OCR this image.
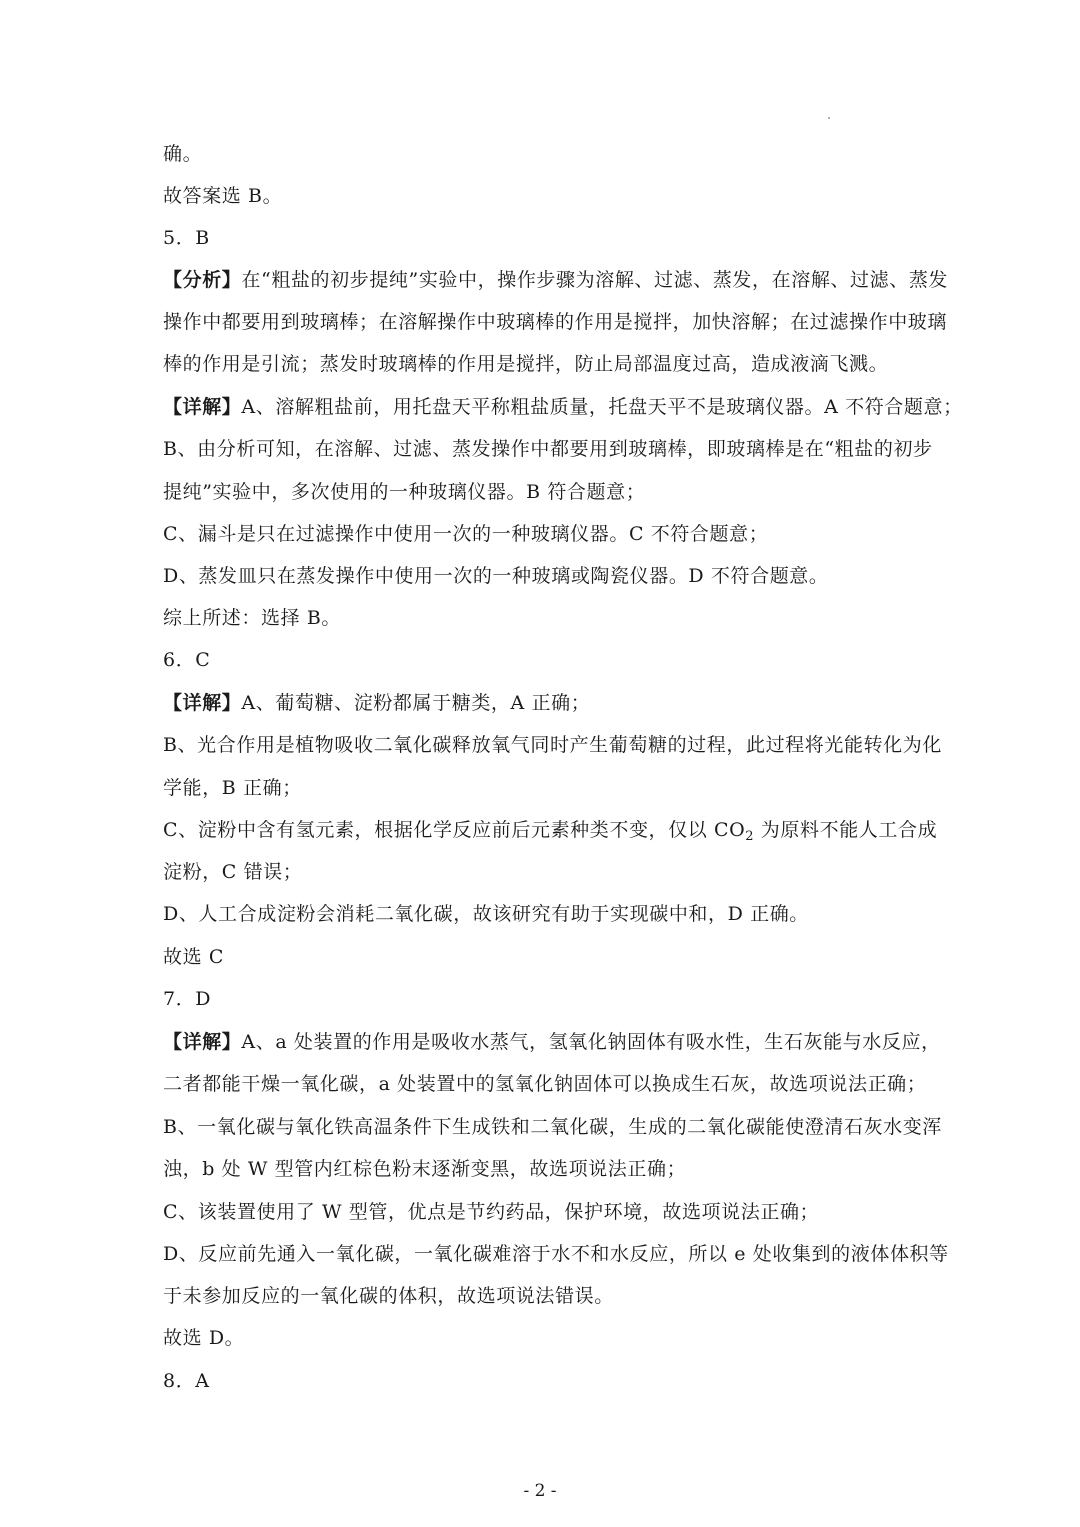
确。
故答案选 B。
5．B
【分析】在“粗盐的初步提纯”实验中，操作步骤为溶解、过滤、蒸发，在溶解、过滤、蒸发
操作中都要用到玻璃棒；在溶解操作中玻璃棒的作用是搅拌，加快溶解；在过滤操作中玻璃
棒的作用是引流；蒸发时玻璃棒的作用是搅拌，防止局部温度过高，造成液滴飞溅。
【详解】A、溶解粗盐前，用托盘天平称粗盐质量，托盘天平不是玻璃仪器。A 不符合题意；
B、由分析可知，在溶解、过滤、蒸发操作中都要用到玻璃棒，即玻璃棒是在“粗盐的初步
提纯”实验中，多次使用的一种玻璃仪器。B 符合题意；
C、漏斗是只在过滤操作中使用一次的一种玻璃仪器。C 不符合题意；
D、蒸发皿只在蒸发操作中使用一次的一种玻璃或陶瓷仪器。D 不符合题意。
综上所述：选择 B。
6．C
【详解】A、葡萄糖、淀粉都属于糖类，A 正确；
B、光合作用是植物吸收二氧化碳释放氧气同时产生葡萄糖的过程，此过程将光能转化为化
学能，B 正确；
C、淀粉中含有氢元素，根据化学反应前后元素种类不变，仅以 $CO_2$ 为原料不能人工合成
淀粉，C 错误；
D、人工合成淀粉会消耗二氧化碳，故该研究有助于实现碳中和，D 正确。
故选 C
7．D
【详解】A、a 处装置的作用是吸收水蒸气，氢氧化钠固体有吸水性，生石灰能与水反应，
二者都能干燥一氧化碳，a 处装置中的氢氧化钠固体可以换成生石灰，故选项说法正确；
B、一氧化碳与氧化铁高温条件下生成铁和二氧化碳，生成的二氧化碳能使澄清石灰水变浑
浊，b 处 W 型管内红棕色粉末逐渐变黑，故选项说法正确；
C、该装置使用了 W 型管，优点是节约药品，保护环境，故选项说法正确；
D、反应前先通入一氧化碳，一氧化碳难溶于水不和水反应，所以 e 处收集到的液体体积等
于未参加反应的一氧化碳的体积，故选项说法错误。
故选 D。
8．A
- 2 -
